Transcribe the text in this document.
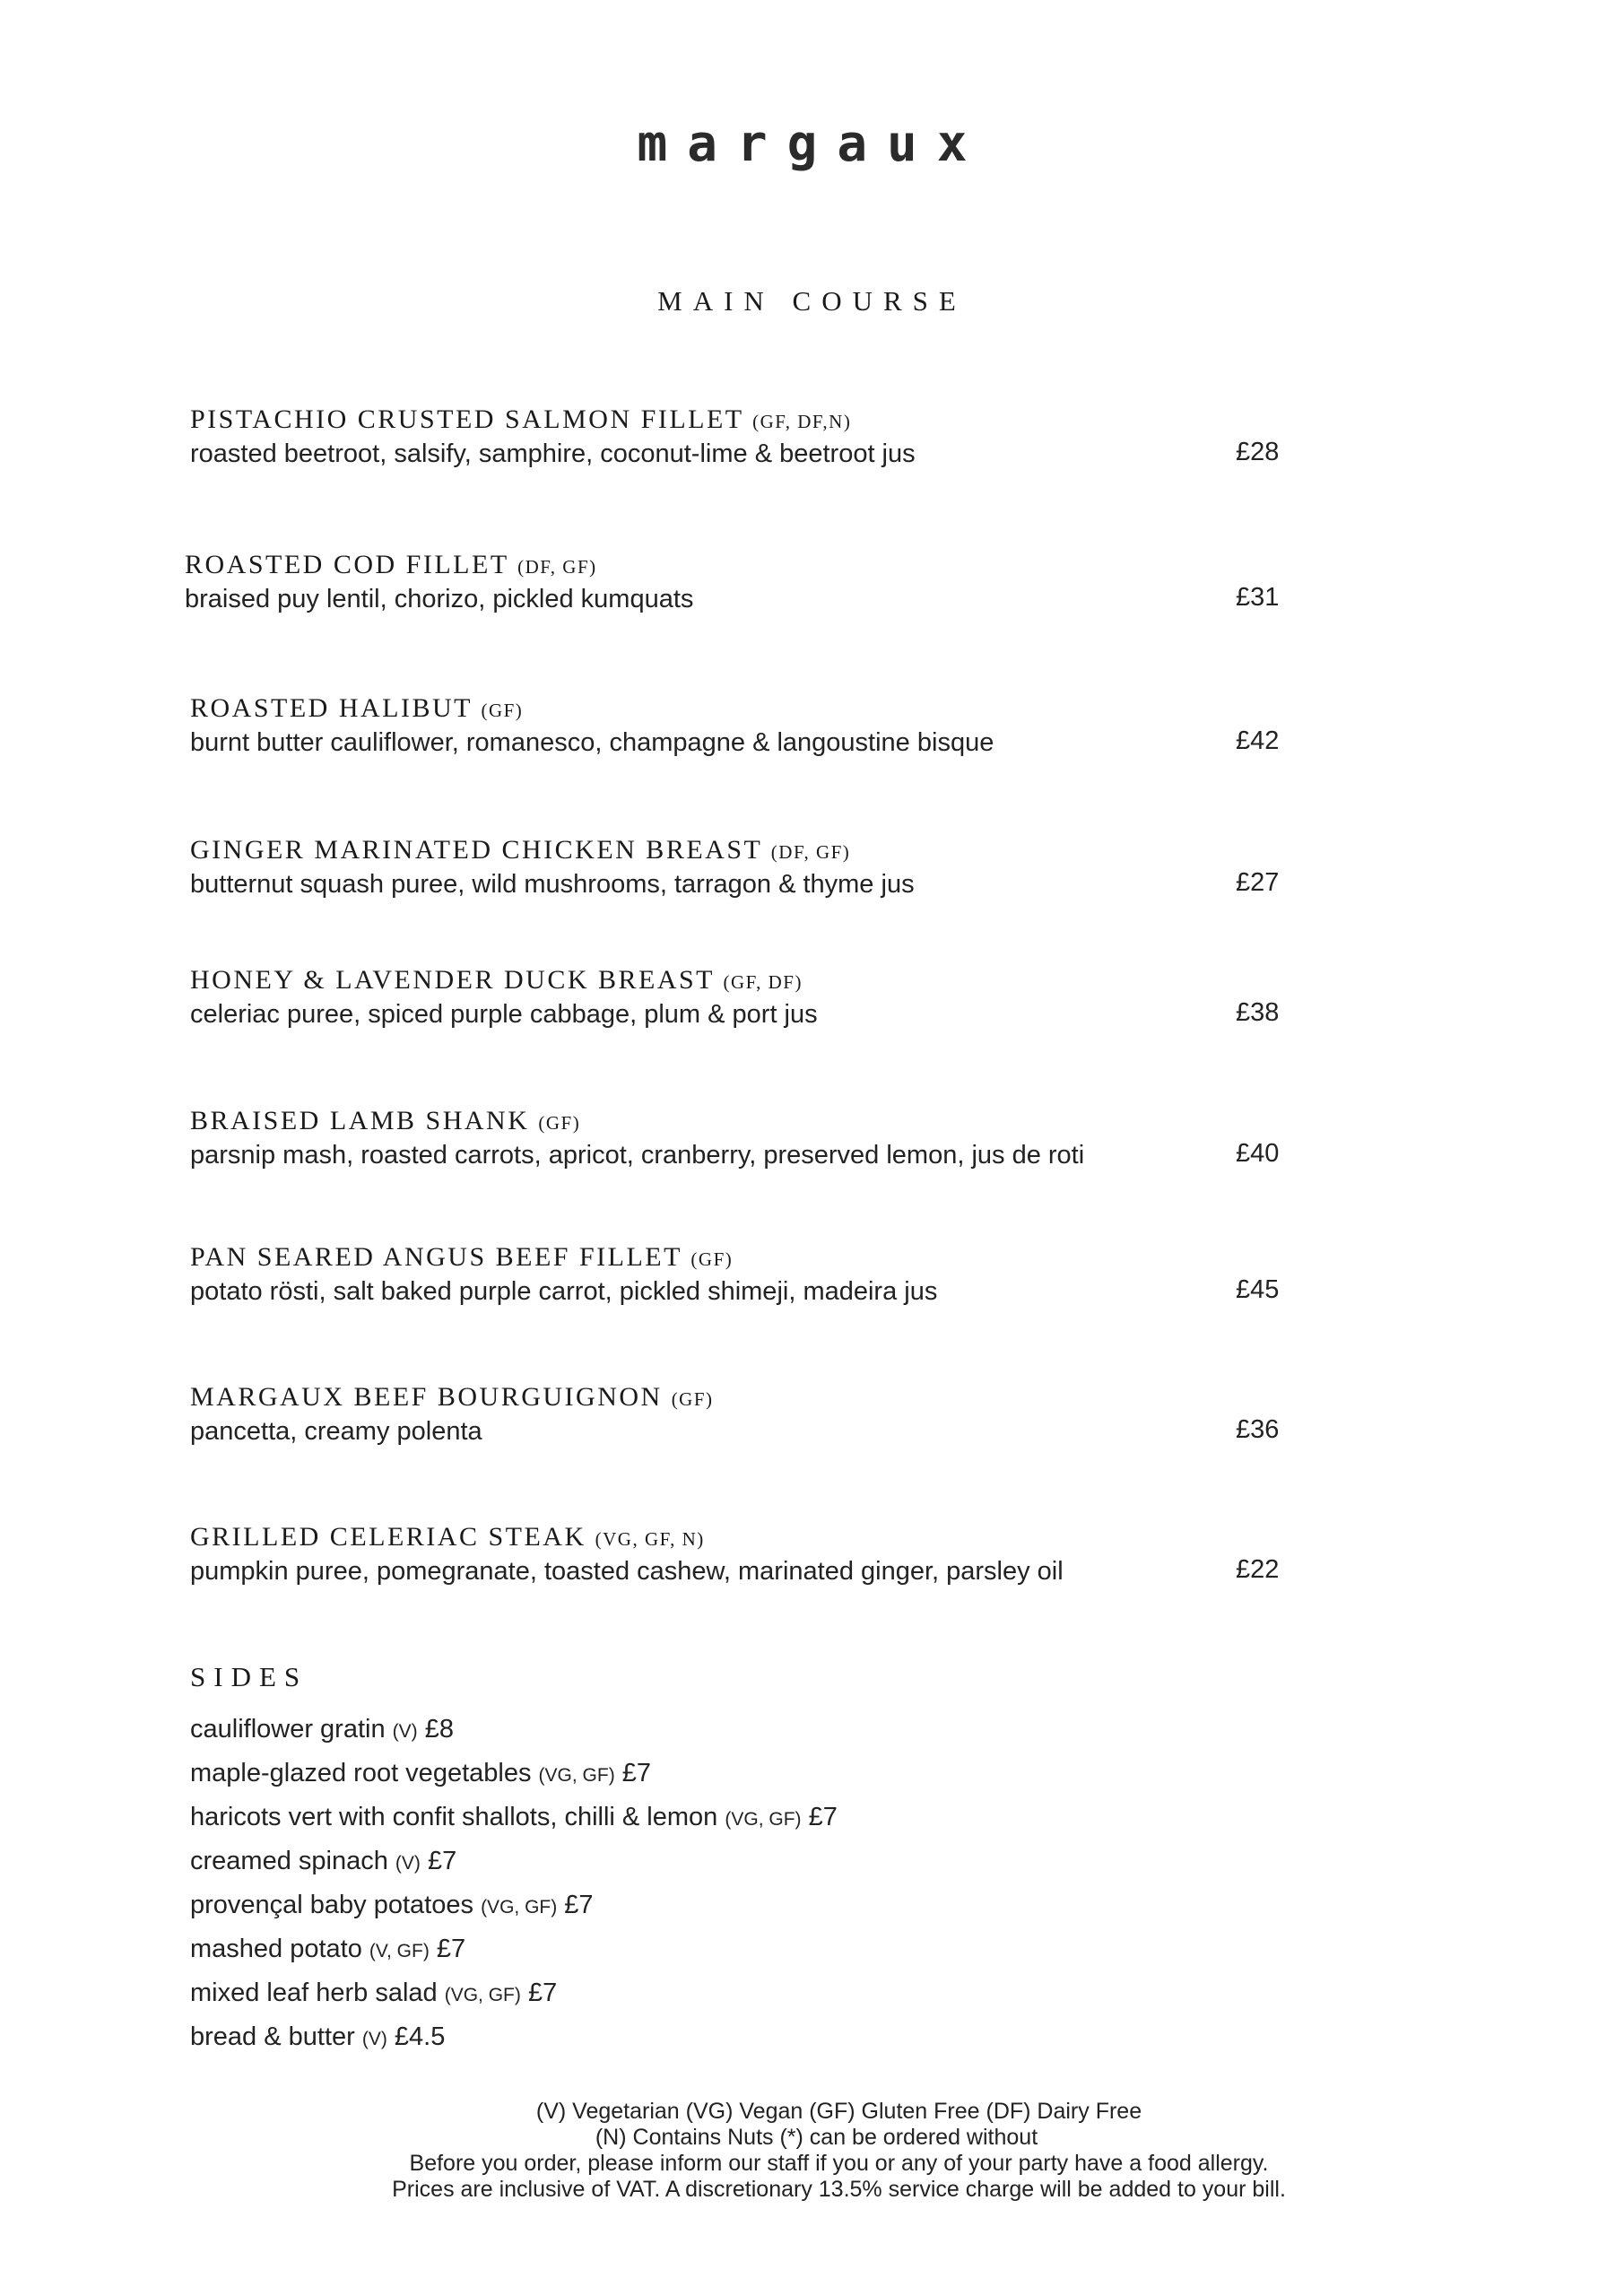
margaux
MAIN COURSE
PISTACHIO CRUSTED SALMON FILLET (GF, DF,N)
roasted beetroot, salsify, samphire, coconut-lime & beetroot jus	£28
ROASTED COD FILLET (DF, GF)
braised puy lentil, chorizo, pickled kumquats	£31
ROASTED HALIBUT (GF)
burnt butter cauliflower, romanesco, champagne & langoustine bisque	£42
GINGER MARINATED CHICKEN BREAST (DF, GF)
butternut squash puree, wild mushrooms, tarragon & thyme jus	£27
HONEY & LAVENDER DUCK BREAST (GF, DF)
celeriac puree, spiced purple cabbage, plum & port jus	£38
BRAISED LAMB SHANK (GF)
parsnip mash, roasted carrots, apricot, cranberry, preserved lemon, jus de roti	£40
PAN SEARED ANGUS BEEF FILLET (GF)
potato rösti, salt baked purple carrot, pickled shimeji, madeira jus	£45
MARGAUX BEEF BOURGUIGNON (GF)
pancetta, creamy polenta	£36
GRILLED CELERIAC STEAK (VG, GF, N)
pumpkin puree, pomegranate, toasted cashew, marinated ginger, parsley oil	£22
SIDES
cauliflower gratin (V) £8
maple-glazed root vegetables (VG, GF) £7
haricots vert with confit shallots, chilli & lemon (VG, GF) £7
creamed spinach (V) £7
provençal baby potatoes (VG, GF) £7
mashed potato (V, GF) £7
mixed leaf herb salad (VG, GF) £7
bread & butter (V) £4.5
(V) Vegetarian (VG) Vegan (GF) Gluten Free (DF) Dairy Free
(N) Contains Nuts (*) can be ordered without
Before you order, please inform our staff if you or any of your party have a food allergy.
Prices are inclusive of VAT. A discretionary 13.5% service charge will be added to your bill.
